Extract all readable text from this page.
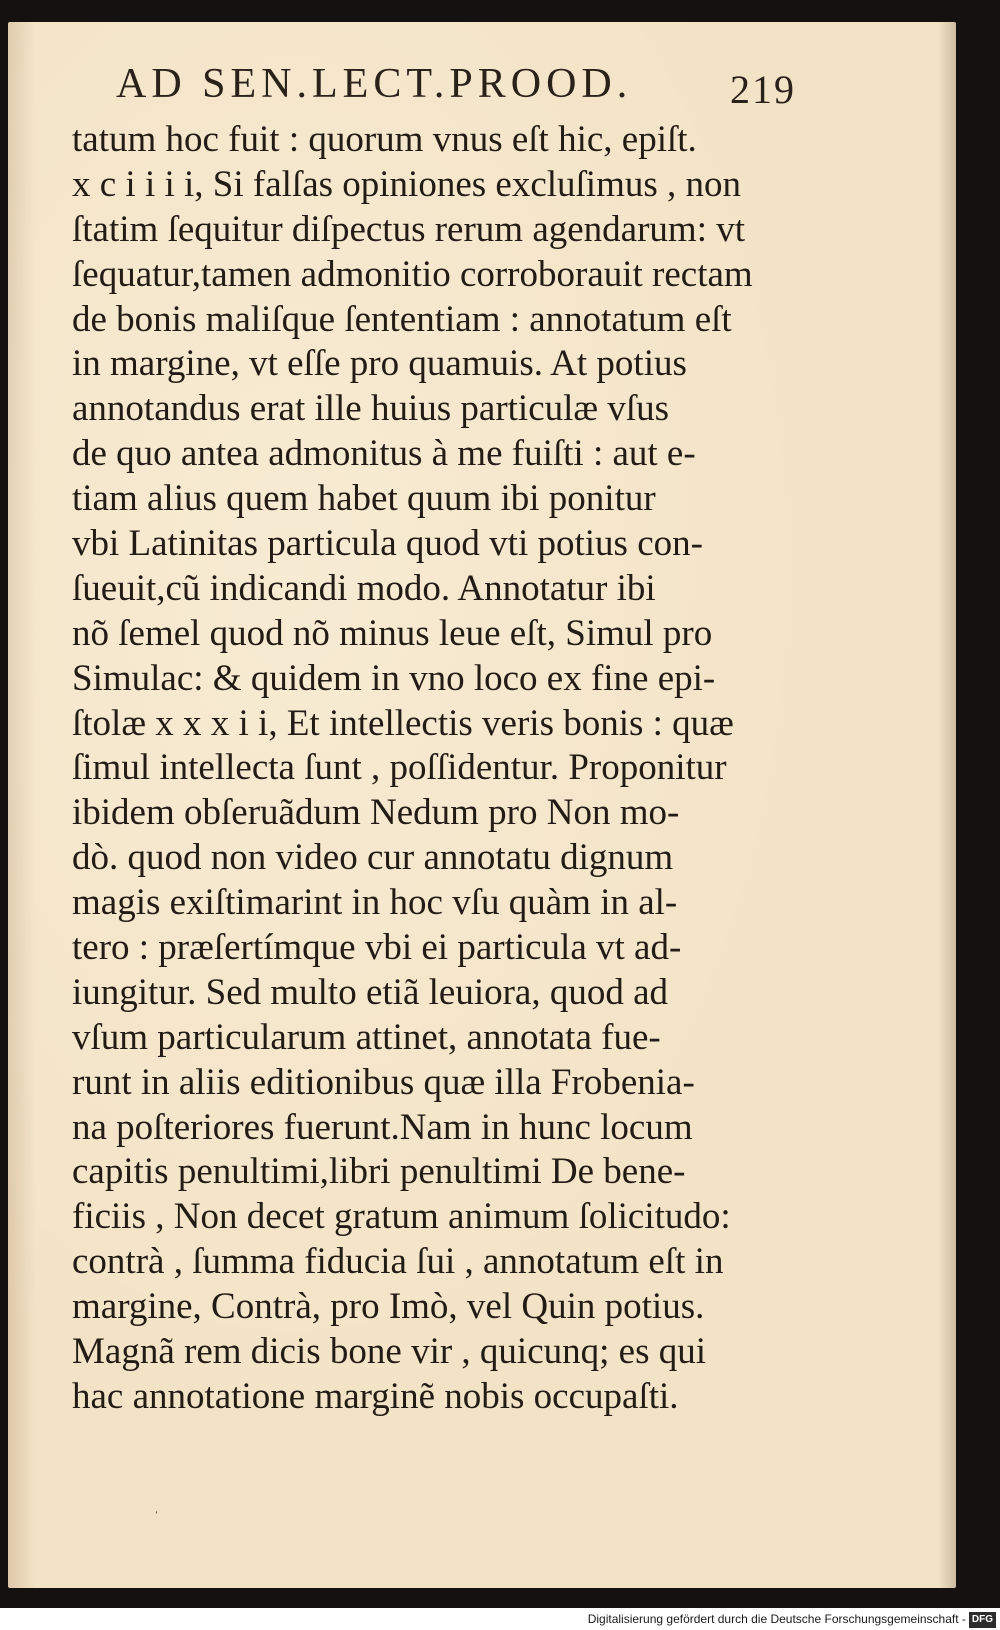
AD SEN.LECT.PROOD.	219
tatum hoc fuit : quorum vnus eſt hic, epiſt.
x c i i i i, Si falſas opiniones excluſimus , non
ſtatim ſequitur diſpectus rerum agendarum: vt
ſequatur,tamen admonitio corroborauit rectam
de bonis maliſque ſententiam : annotatum eſt
in margine, vt eſſe pro quamuis. At potius
annotandus erat ille huius particulæ vſus
de quo antea admonitus à me fuiſti : aut e-
tiam alius quem habet quum ibi ponitur
vbi Latinitas particula quod vti potius con-
ſueuit,cũ indicandi modo. Annotatur ibi
nõ ſemel quod nõ minus leue eſt, Simul pro
Simulac: & quidem in vno loco ex fine epi-
ſtolæ x x x i i, Et intellectis veris bonis : quæ
ſimul intellecta ſunt , poſſidentur. Proponitur
ibidem obſeruãdum Nedum pro Non mo-
dò. quod non video cur annotatu dignum
magis exiſtimarint in hoc vſu quàm in al-
tero : præſertímque vbi ei particula vt ad-
iungitur. Sed multo etiã leuiora, quod ad
vſum particularum attinet, annotata fue-
runt in aliis editionibus quæ illa Frobenia-
na poſteriores fuerunt.Nam in hunc locum
capitis penultimi,libri penultimi De bene-
ficiis , Non decet gratum animum ſolicitudo:
contrà , ſumma fiducia ſui , annotatum eſt in
margine, Contrà, pro Imò, vel Quin potius.
Magnã rem dicis bone vir , quicunq; es qui
hac annotatione marginẽ nobis occupaſti.
ˈ
Digitalisierung gefördert durch die Deutsche Forschungsgemeinschaft - DFG
